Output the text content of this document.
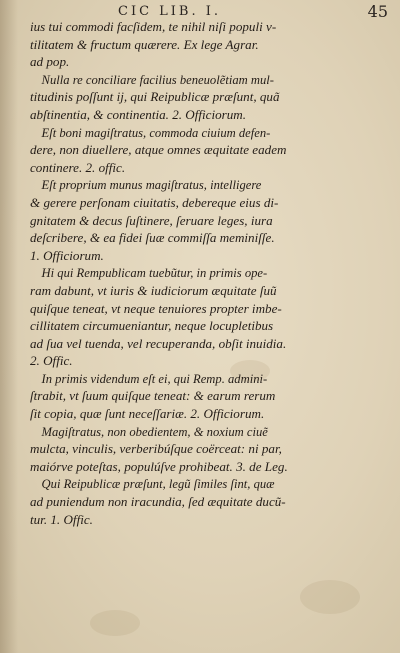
CIC LIB. I.	45
ius tui commodi facſidem, te nihil niſi populi v-
tilitatem & fructum quærere. Ex lege Agrar.
ad pop.
Nulla re conciliare facilius beneuolẽtiam mul-
titudinis poſſunt ij, qui Reipublicæ præſunt, quã
abſtinentia, & continentia. 2. Officiorum.
Eſt boni magiſtratus, commoda ciuium defen-
dere, non diuellere, atque omnes æquitate eadem
continere. 2. offic.
Eſt proprium munus magiſtratus, intelligere
& gerere perſonam ciuitatis, debereque eius di-
gnitatem & decus ſuſtinere, ſeruare leges, iura
deſcribere, & ea fidei ſuæ commiſſa meminiſſe.
1. Officiorum.
Hi qui Rempublicam tuebũtur, in primis ope-
ram dabunt, vt iuris & iudiciorum æquitate ſuũ
quiſque teneat, vt neque tenuiores propter imbe-
cillitatem circumueniantur, neque locupletibus
ad ſua vel tuenda, vel recuperanda, obſit inuidia.
2. Offic.
In primis videndum eſt ei, qui Remp. admini-
ſtrabit, vt ſuum quiſque teneat: & earum rerum
ſit copia, quæ ſunt neceſſariæ. 2. Officiorum.
Magiſtratus, non obedientem, & noxium ciuẽ
mulcta, vinculis, verberibúſque coërceat: ni par,
maiórve poteſtas, populúſve prohibeat. 3. de Leg.
Qui Reipublicæ præſunt, legũ ſimiles ſint, quæ
ad puniendum non iracundia, ſed æquitate ducũ-
tur. 1. Offic.
